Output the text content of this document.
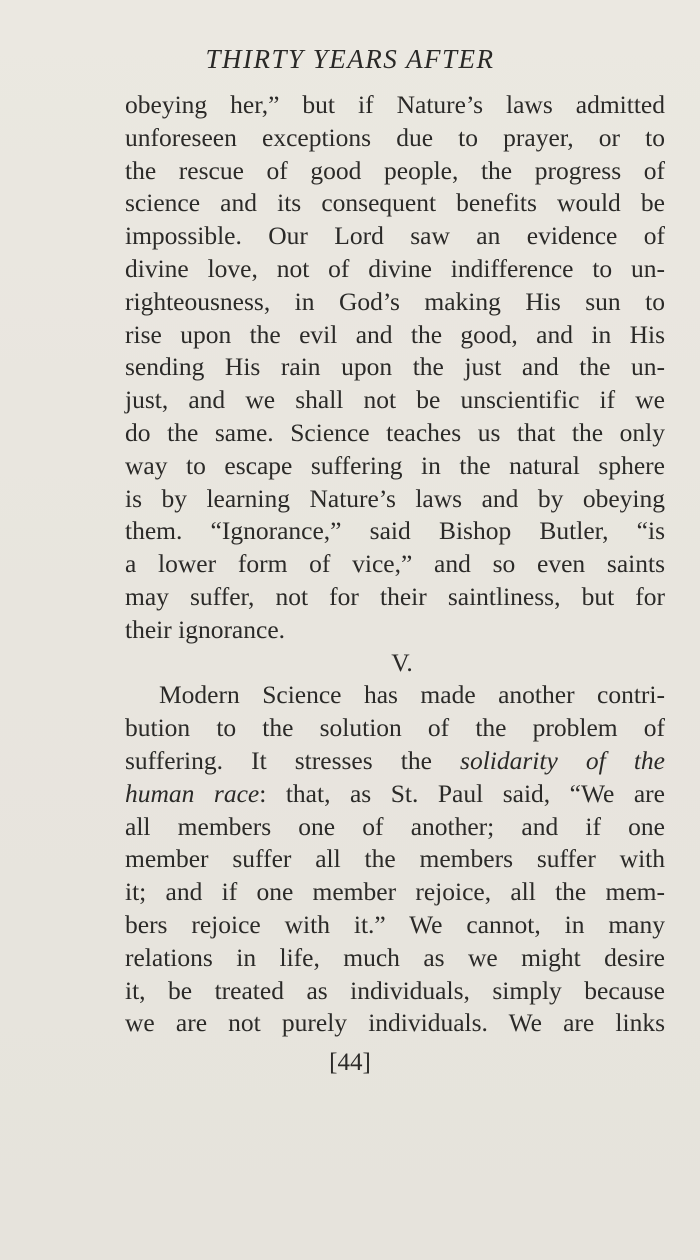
THIRTY YEARS AFTER
obeying her,” but if Nature’s laws admitted
unforeseen exceptions due to prayer, or to
the rescue of good people, the progress of
science and its consequent benefits would be
impossible. Our Lord saw an evidence of
divine love, not of divine indifference to un-
righteousness, in God’s making His sun to
rise upon the evil and the good, and in His
sending His rain upon the just and the un-
just, and we shall not be unscientific if we
do the same. Science teaches us that the only
way to escape suffering in the natural sphere
is by learning Nature’s laws and by obeying
them. “Ignorance,” said Bishop Butler, “is
a lower form of vice,” and so even saints
may suffer, not for their saintliness, but for
their ignorance.
V.
Modern Science has made another contri-
bution to the solution of the problem of
suffering. It stresses the solidarity of the
human race: that, as St. Paul said, “We are
all members one of another; and if one
member suffer all the members suffer with
it; and if one member rejoice, all the mem-
bers rejoice with it.” We cannot, in many
relations in life, much as we might desire
it, be treated as individuals, simply because
we are not purely individuals. We are links
[44]
